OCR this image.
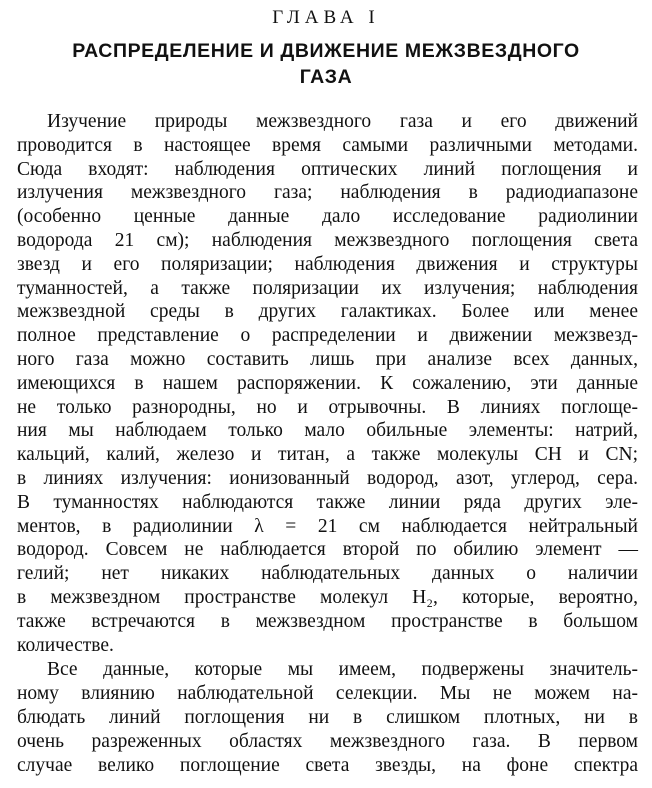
ГЛАВА I
РАСПРЕДЕЛЕНИЕ И ДВИЖЕНИЕ МЕЖЗВЕЗДНОГО
ГАЗА
Изучение природы межзвездного газа и его движений
проводится в настоящее время самыми различными методами.
Сюда входят: наблюдения оптических линий поглощения и
излучения межзвездного газа; наблюдения в радиодиапазоне
(особенно ценные данные дало исследование радиолинии
водорода 21 см); наблюдения межзвездного поглощения света
звезд и его поляризации; наблюдения движения и структуры
туманностей, а также поляризации их излучения; наблюдения
межзвездной среды в других галактиках. Более или менее
полное представление о распределении и движении межзвезд-
ного газа можно составить лишь при анализе всех данных,
имеющихся в нашем распоряжении. К сожалению, эти данные
не только разнородны, но и отрывочны. В линиях поглоще-
ния мы наблюдаем только мало обильные элементы: натрий,
кальций, калий, железо и титан, а также молекулы CH и CN;
в линиях излучения: ионизованный водород, азот, углерод, сера.
В туманностях наблюдаются также линии ряда других эле-
ментов, в радиолинии λ = 21 см наблюдается нейтральный
водород. Совсем не наблюдается второй по обилию элемент —
гелий; нет никаких наблюдательных данных о наличии
в межзвездном пространстве молекул H₂, которые, вероятно,
также встречаются в межзвездном пространстве в большом
количестве.
Все данные, которые мы имеем, подвержены значитель-
ному влиянию наблюдательной селекции. Мы не можем на-
блюдать линий поглощения ни в слишком плотных, ни в
очень разреженных областях межзвездного газа. В первом
случае велико поглощение света звезды, на фоне спектра
